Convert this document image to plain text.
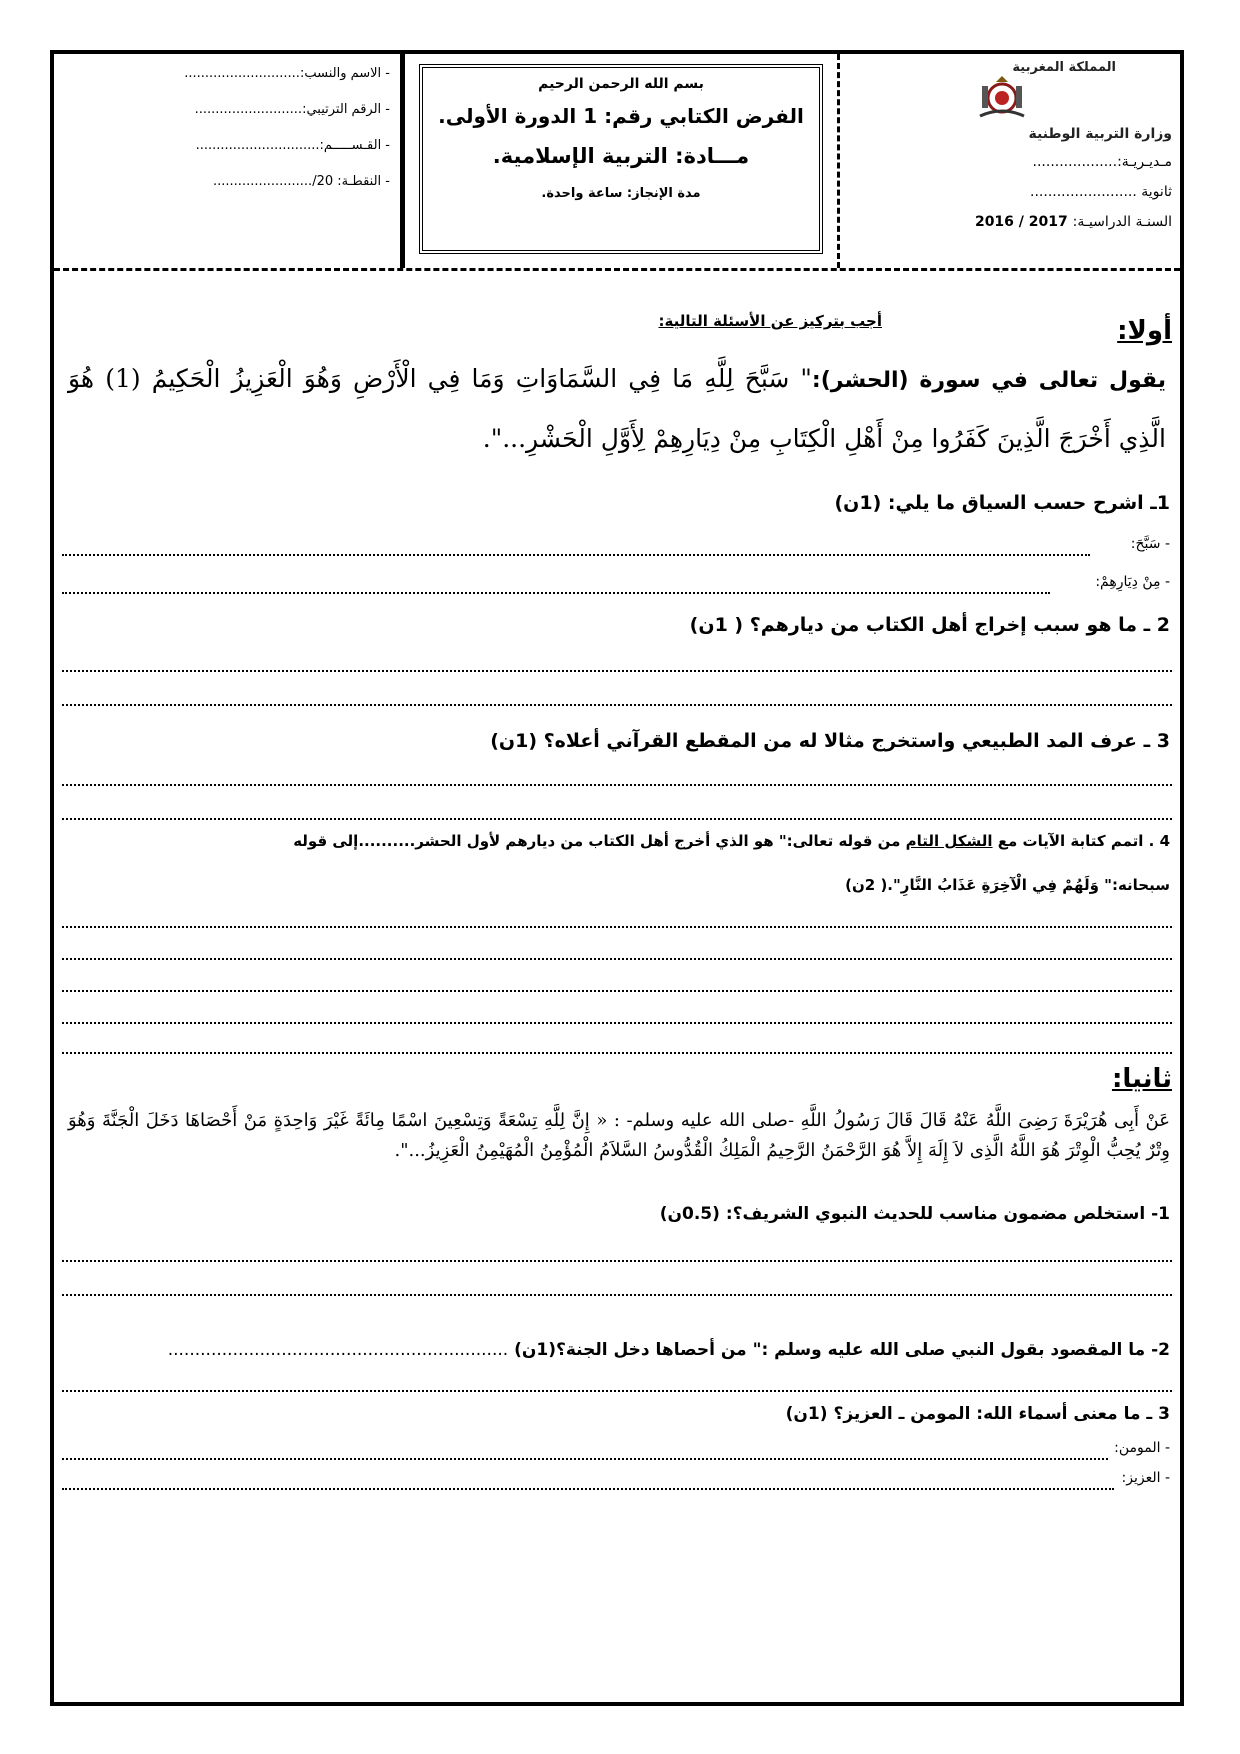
المملكة المغربية
وزارة التربية الوطنية
مـديـريـة:...................
ثانوية ........................
السنـة الدراسيـة: 2016 / 2017
بسم الله الرحمن الرحيم
الفرض الكتابي رقم: 1 الدورة الأولى.
مـــادة: التربية الإسلامية.
مدة الإنجاز: ساعة واحدة.
- الاسم والنسب:............................
- الرقم الترتيبي:..........................
- القـســـــم:..............................
- النقطـة: 20/........................
أولا:
أجب بتركيز عن الأسئلة التالية:
يقول تعالى في سورة (الحشر):" سَبَّحَ لِلَّهِ مَا فِي السَّمَاوَاتِ وَمَا فِي الْأَرْضِ وَهُوَ الْعَزِيزُ الْحَكِيمُ (1) هُوَ الَّذِي أَخْرَجَ الَّذِينَ كَفَرُوا مِنْ أَهْلِ الْكِتَابِ مِنْ دِيَارِهِمْ لِأَوَّلِ الْحَشْرِ...".
1ـ اشرح حسب السياق ما يلي: (1ن)
- سَبَّحَ:
- مِنْ دِيَارِهِمْ:
2 ـ ما هو سبب إخراج أهل الكتاب من ديارهم؟ ( 1ن)
3 ـ عرف المد الطبيعي واستخرج مثالا له من المقطع القرآني أعلاه؟ (1ن)
4 . اتمم كتابة الآيات مع الشكل التام من قوله تعالى:" هو الذي أخرج أهل الكتاب من ديارهم لأول الحشر..........إلى قوله
سبحانه:" وَلَهُمْ فِي الْآخِرَةِ عَذَابُ النَّارِ".( 2ن)
ثانيا:
عَنْ أَبِى هُرَيْرَةَ رَضِىَ اللَّهُ عَنْهُ قَالَ قَالَ رَسُولُ اللَّهِ -صلى الله عليه وسلم- : « إِنَّ لِلَّهِ تِسْعَةً وَتِسْعِينَ اسْمًا مِائَةً غَيْرَ وَاحِدَةٍ مَنْ أَحْصَاهَا دَخَلَ الْجَنَّةَ وَهُوَ وِتْرٌ يُحِبُّ الْوِتْرَ هُوَ اللَّهُ الَّذِى لاَ إِلَهَ إِلاَّ هُوَ الرَّحْمَنُ الرَّحِيمُ الْمَلِكُ الْقُدُّوسُ السَّلاَمُ الْمُؤْمِنُ الْمُهَيْمِنُ الْعَزِيزُ...".
1- استخلص مضمون مناسب للحديث النبوي الشريف؟: (0.5ن)
2- ما المقصود بقول النبي صلى الله عليه وسلم :" من أحصاها دخل الجنة؟(1ن) ...............................................................
3 ـ ما معنى أسماء الله: المومن ـ العزيز؟ (1ن)
- المومن:
- العزيز:
